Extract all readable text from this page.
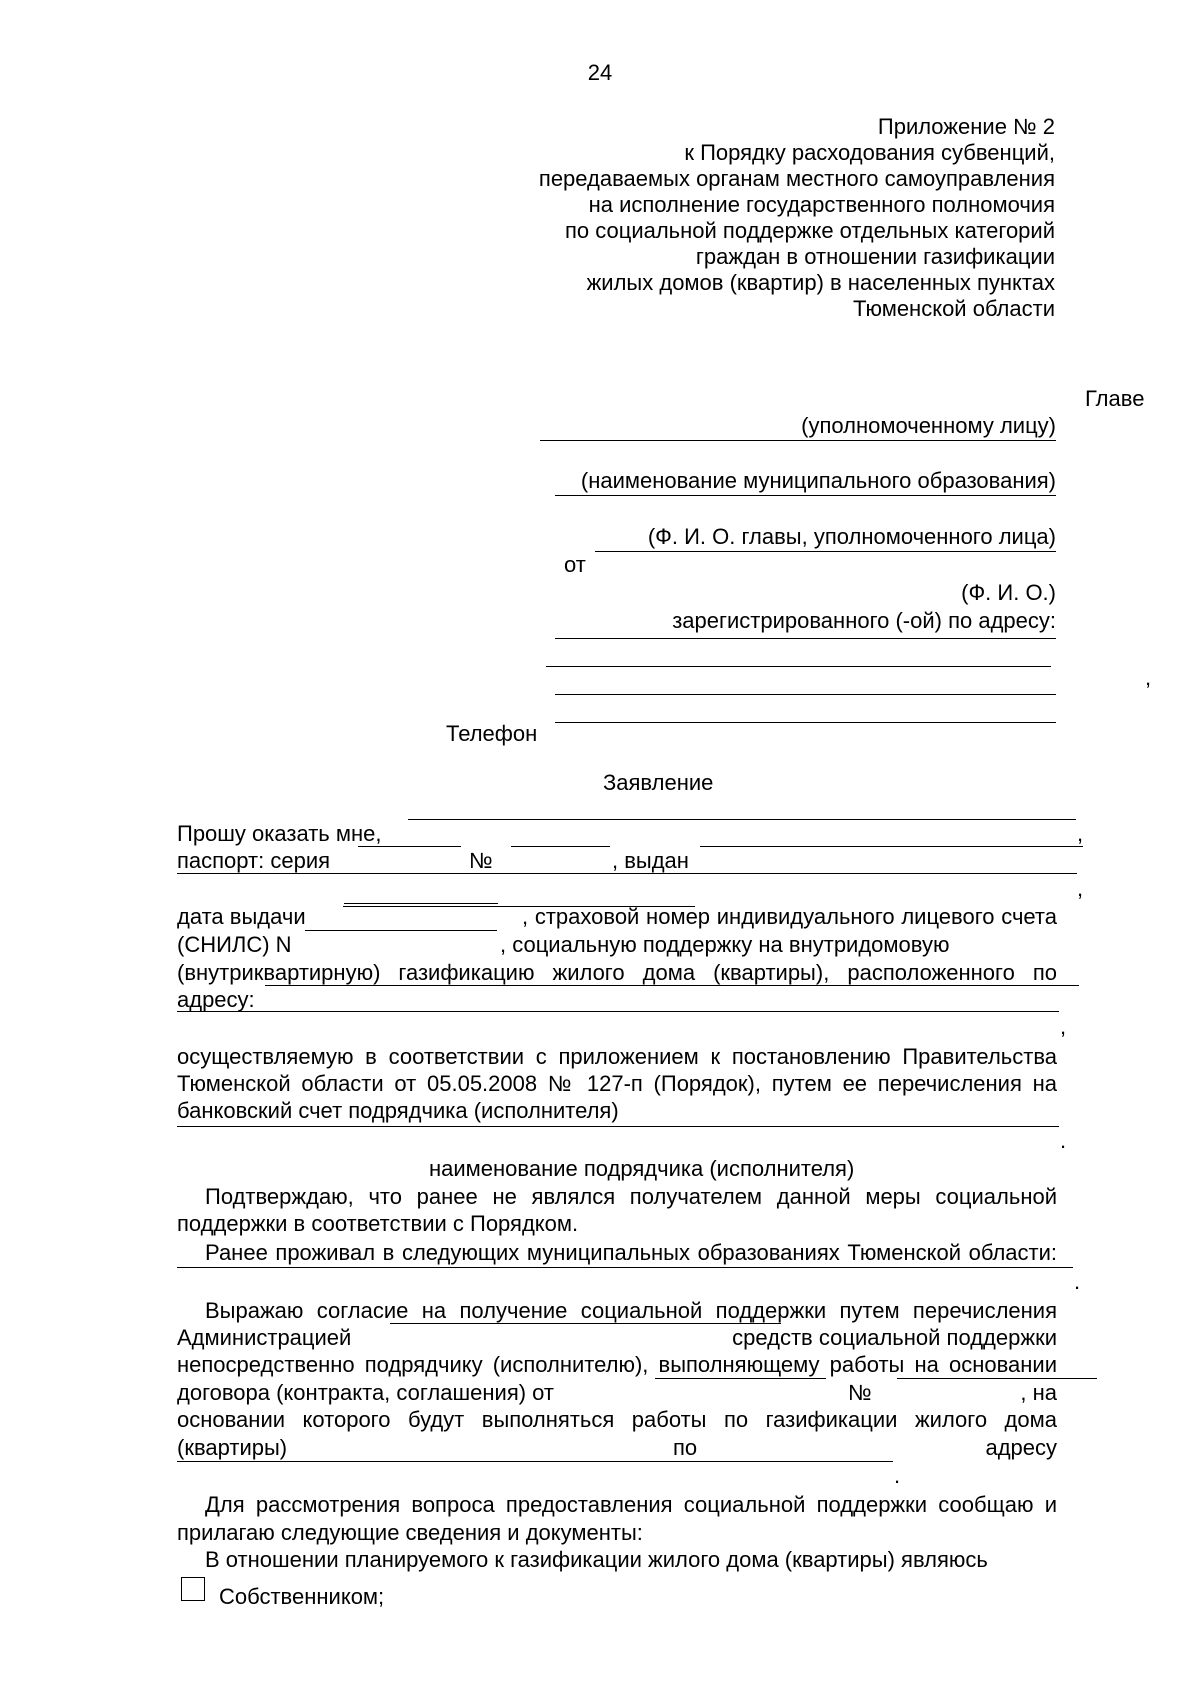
24
Приложение № 2
к Порядку расходования субвенций,
передаваемых органам местного самоуправления
на исполнение государственного полномочия
по социальной поддержке отдельных категорий
граждан в отношении газификации
жилых домов (квартир) в населенных пунктах
Тюменской области
Главе
(уполномоченному лицу)
(наименование муниципального образования)
(Ф. И. О. главы, уполномоченного лица)
от
(Ф. И. О.)
зарегистрированного (-ой) по адресу:
,
Телефон
Заявление
Прошу оказать мне,	,
паспорт: серия	№	, выдан
,
дата выдачи	, страховой номер индивидуального лицевого счета
(СНИЛС) N	, социальную поддержку на внутридомовую
(внутриквартирную) газификацию жилого дома (квартиры), расположенного по
адресу:
,
осуществляемую в соответствии с приложением к постановлению Правительства
Тюменской области от 05.05.2008 № 127-п (Порядок), путем ее перечисления на
банковский счет подрядчика (исполнителя)
.
наименование подрядчика (исполнителя)
Подтверждаю, что ранее не являлся получателем данной меры социальной
поддержки в соответствии с Порядком.
Ранее проживал в следующих муниципальных образованиях Тюменской области:
.
Выражаю согласие на получение социальной поддержки путем перечисления
Администрацией	средств социальной поддержки
непосредственно подрядчику (исполнителю), выполняющему работы на основании
договора (контракта, соглашения) от	№	, на
основании которого будут выполняться работы по газификации жилого дома
(квартиры)	по	адресу
.
Для рассмотрения вопроса предоставления социальной поддержки сообщаю и
прилагаю следующие сведения и документы:
В отношении планируемого к газификации жилого дома (квартиры) являюсь
Собственником;
